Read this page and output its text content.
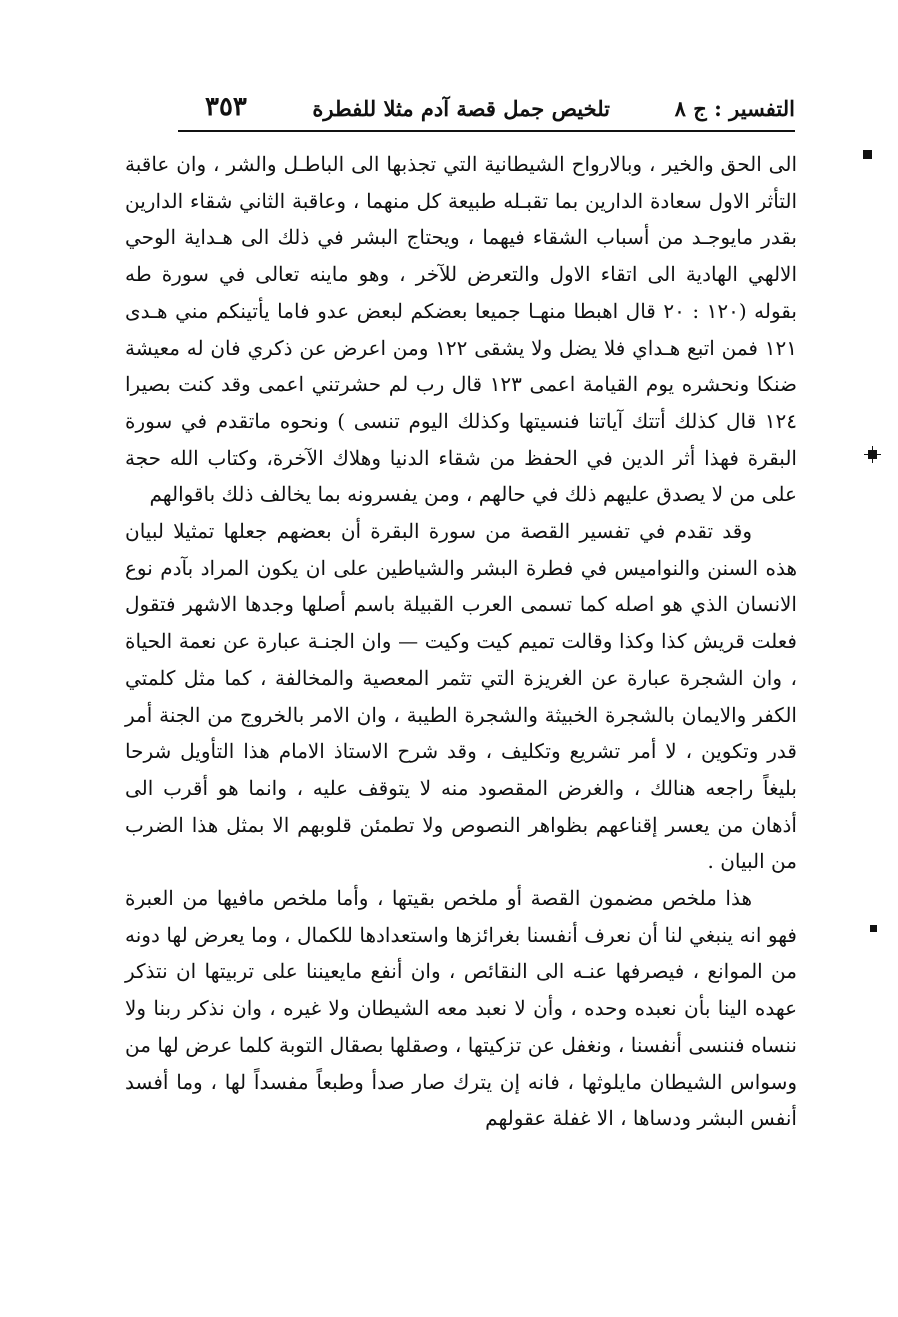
التفسير : ج ٨
تلخيص جمل قصة آدم مثلا للفطرة
٣٥٣

الى الحق والخير ، وبالارواح الشيطانية التي تجذبها الى الباطـل والشر ، وان عاقبة التأثر الاول سعادة الدارين بما تقبـله طبيعة كل منهما ، وعاقبة الثاني شقاء الدارين بقدر مايوجـد من أسباب الشقاء فيهما ، ويحتاج البشر في ذلك الى هـداية الوحي الالهي الهادية الى اتقاء الاول والتعرض للآخر ، وهو ماينه تعالى في سورة طه بقوله (١٢٠ : ٢٠ قال اهبطا منهـا جميعا بعضكم لبعض عدو فاما يأتينكم مني هـدى ١٢١ فمن اتبع هـداي فلا يضل ولا يشقى ١٢٢ ومن اعرض عن ذكري فان له معيشة ضنكا ونحشره يوم القيامة اعمى ١٢٣ قال رب لم حشرتني اعمى وقد كنت بصيرا ١٢٤ قال كذلك أتتك آياتنا فنسيتها وكذلك اليوم تنسى ) ونحوه ماتقدم في سورة البقرة فهذا أثر الدين في الحفظ من شقاء الدنيا وهلاك الآخرة، وكتاب الله حجة على من لا يصدق عليهم ذلك في حالهم ، ومن يفسرونه بما يخالف ذلك باقوالهم

وقد تقدم في تفسير القصة من سورة البقرة أن بعضهم جعلها تمثيلا لبيان هذه السنن والنواميس في فطرة البشر والشياطين على ان يكون المراد بآدم نوع الانسان الذي هو اصله كما تسمى العرب القبيلة باسم أصلها وجدها الاشهر فتقول فعلت قريش كذا وكذا وقالت تميم كيت وكيت — وان الجنـة عبارة عن نعمة الحياة ، وان الشجرة عبارة عن الغريزة التي تثمر المعصية والمخالفة ، كما مثل كلمتي الكفر والايمان بالشجرة الخبيثة والشجرة الطيبة ، وان الامر بالخروج من الجنة أمر قدر وتكوين ، لا أمر تشريع وتكليف ، وقد شرح الاستاذ الامام هذا التأويل شرحا بليغاً راجعه هنالك ، والغرض المقصود منه لا يتوقف عليه ، وانما هو أقرب الى أذهان من يعسر إقناعهم بظواهر النصوص ولا تطمئن قلوبهم الا بمثل هذا الضرب من البيان .

هذا ملخص مضمون القصة أو ملخص بقيتها ، وأما ملخص مافيها من العبرة فهو انه ينبغي لنا أن نعرف أنفسنا بغرائزها واستعدادها للكمال ، وما يعرض لها دونه من الموانع ، فيصرفها عنـه الى النقائص ، وان أنفع مايعيننا على تربيتها ان نتذكر عهده الينا بأن نعبده وحده ، وأن لا نعبد معه الشيطان ولا غيره ، وان نذكر ربنا ولا ننساه فننسى أنفسنا ، ونغفل عن تزكيتها ، وصقلها بصقال التوبة كلما عرض لها من وسواس الشيطان مايلوثها ، فانه إن يترك صار صدأ وطبعاً مفسداً لها ، وما أفسد أنفس البشر ودساها ، الا غفلة عقولهم
